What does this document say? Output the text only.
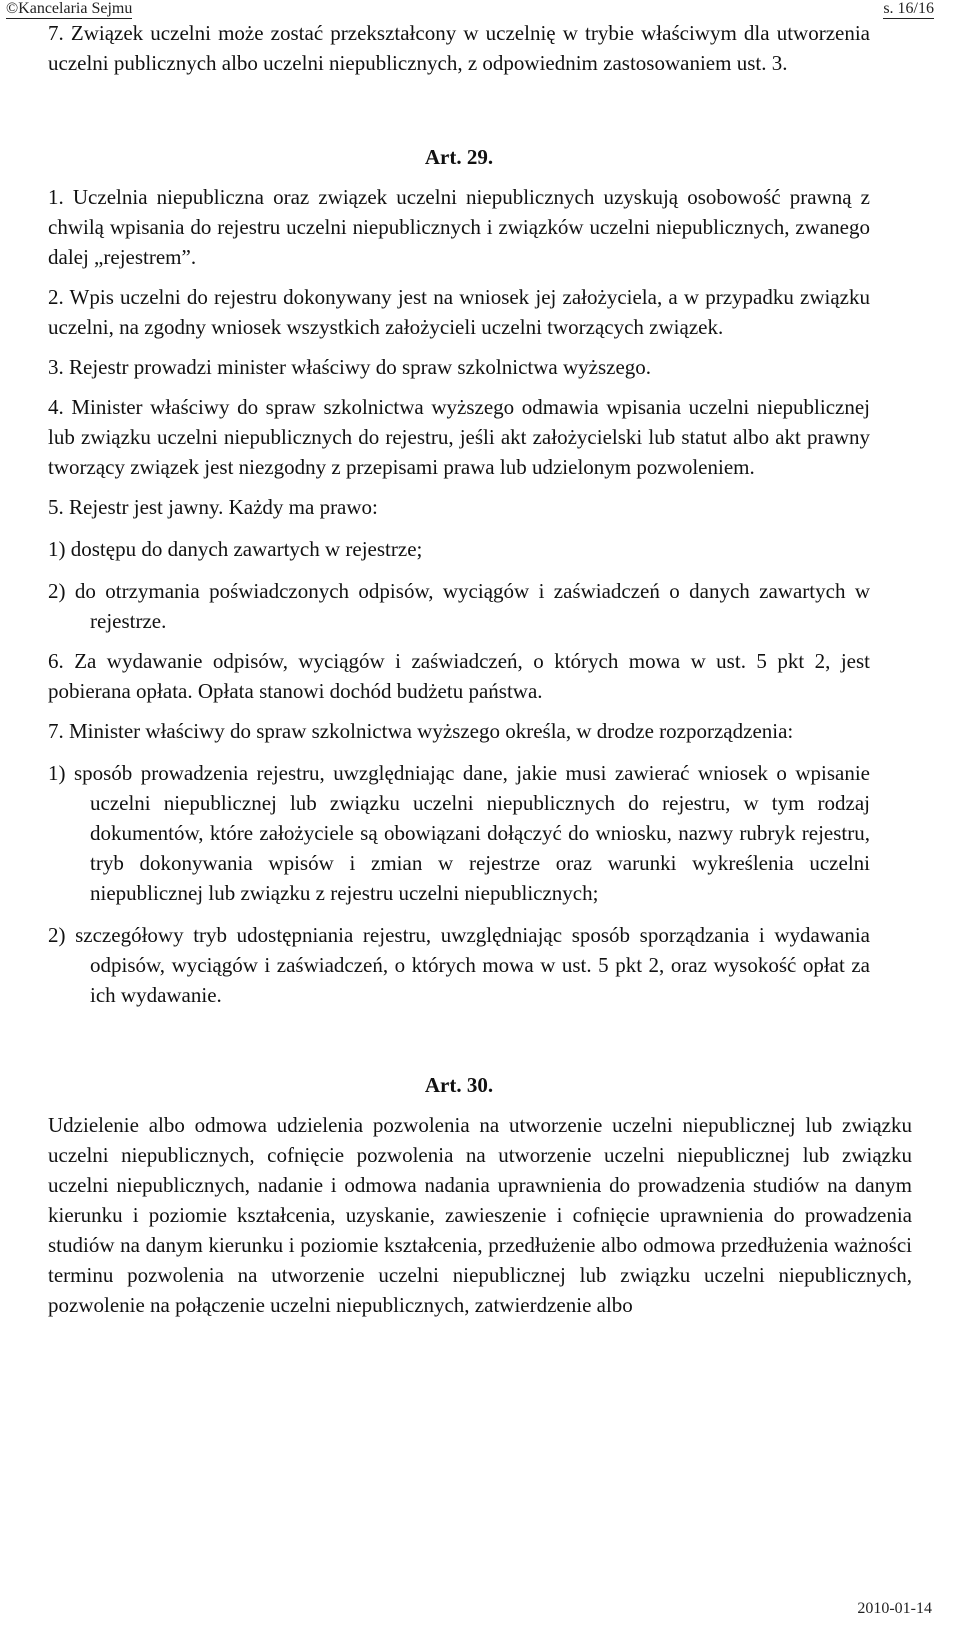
©Kancelaria Sejmu	s. 16/16

7. Związek uczelni może zostać przekształcony w uczelnię w trybie właściwym dla utworzenia uczelni publicznych albo uczelni niepublicznych, z odpowiednim zastosowaniem ust. 3.

Art. 29.

1. Uczelnia niepubliczna oraz związek uczelni niepublicznych uzyskują osobowość prawną z chwilą wpisania do rejestru uczelni niepublicznych i związków uczelni niepublicznych, zwanego dalej „rejestrem”.

2. Wpis uczelni do rejestru dokonywany jest na wniosek jej założyciela, a w przypadku związku uczelni, na zgodny wniosek wszystkich założycieli uczelni tworzących związek.

3. Rejestr prowadzi minister właściwy do spraw szkolnictwa wyższego.

4. Minister właściwy do spraw szkolnictwa wyższego odmawia wpisania uczelni niepublicznej lub związku uczelni niepublicznych do rejestru, jeśli akt założycielski lub statut albo akt prawny tworzący związek jest niezgodny z przepisami prawa lub udzielonym pozwoleniem.

5. Rejestr jest jawny. Każdy ma prawo:

1) dostępu do danych zawartych w rejestrze;

2) do otrzymania poświadczonych odpisów, wyciągów i zaświadczeń o danych zawartych w rejestrze.

6. Za wydawanie odpisów, wyciągów i zaświadczeń, o których mowa w ust. 5 pkt 2, jest pobierana opłata. Opłata stanowi dochód budżetu państwa.

7. Minister właściwy do spraw szkolnictwa wyższego określa, w drodze rozporządzenia:

1) sposób prowadzenia rejestru, uwzględniając dane, jakie musi zawierać wniosek o wpisanie uczelni niepublicznej lub związku uczelni niepublicznych do rejestru, w tym rodzaj dokumentów, które założyciele są obowiązani dołączyć do wniosku, nazwy rubryk rejestru, tryb dokonywania wpisów i zmian w rejestrze oraz warunki wykreślenia uczelni niepublicznej lub związku z rejestru uczelni niepublicznych;

2) szczegółowy tryb udostępniania rejestru, uwzględniając sposób sporządzania i wydawania odpisów, wyciągów i zaświadczeń, o których mowa w ust. 5 pkt 2, oraz wysokość opłat za ich wydawanie.

Art. 30.

Udzielenie albo odmowa udzielenia pozwolenia na utworzenie uczelni niepublicznej lub związku uczelni niepublicznych, cofnięcie pozwolenia na utworzenie uczelni niepublicznej lub związku uczelni niepublicznych, nadanie i odmowa nadania uprawnienia do prowadzenia studiów na danym kierunku i poziomie kształcenia, uzyskanie, zawieszenie i cofnięcie uprawnienia do prowadzenia studiów na danym kierunku i poziomie kształcenia, przedłużenie albo odmowa przedłużenia ważności terminu pozwolenia na utworzenie uczelni niepublicznej lub związku uczelni niepublicznych, pozwolenie na połączenie uczelni niepublicznych, zatwierdzenie albo

2010-01-14
